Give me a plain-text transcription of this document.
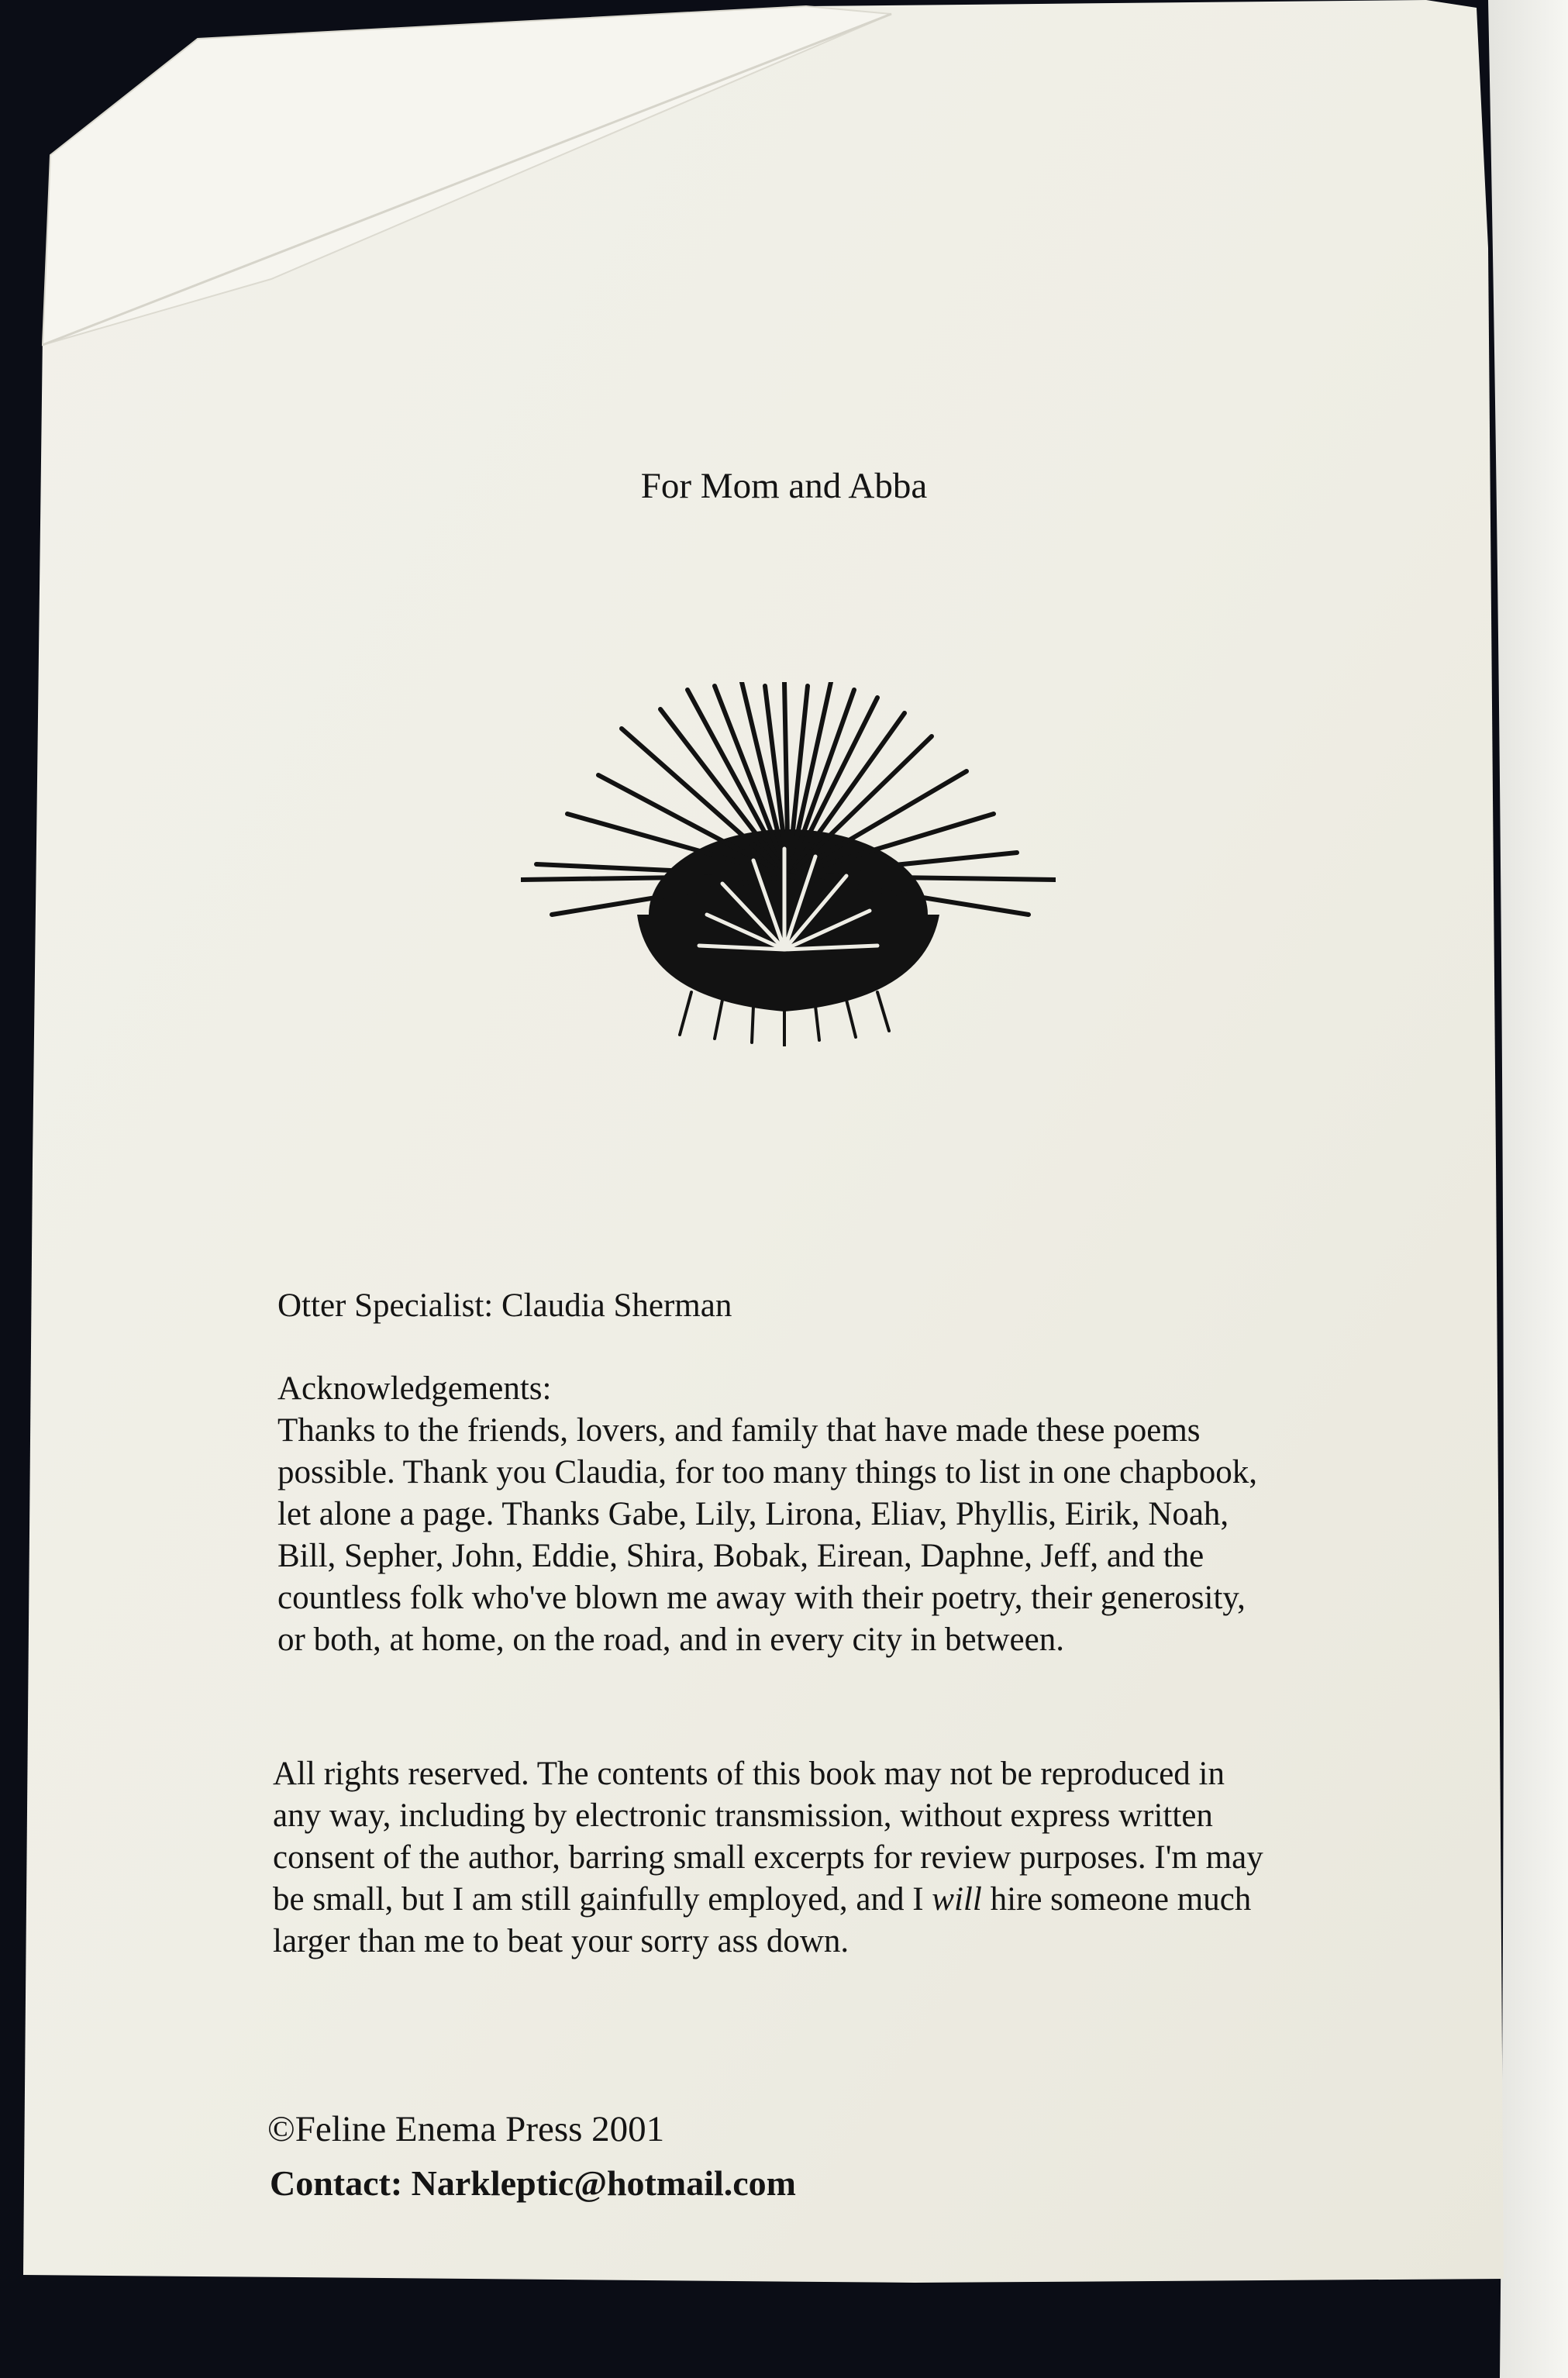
For Mom and Abba

Otter Specialist: Claudia Sherman

Acknowledgements:
Thanks to the friends, lovers, and family that have made these poems possible. Thank you Claudia, for too many things to list in one chapbook, let alone a page. Thanks Gabe, Lily, Lirona, Eliav, Phyllis, Eirik, Noah, Bill, Sepher, John, Eddie, Shira, Bobak, Eirean, Daphne, Jeff, and the countless folk who've blown me away with their poetry, their generosity, or both, at home, on the road, and in every city in between.

All rights reserved. The contents of this book may not be reproduced in any way, including by electronic transmission, without express written consent of the author, barring small excerpts for review purposes. I'm may be small, but I am still gainfully employed, and I will hire someone much larger than me to beat your sorry ass down.

©Feline Enema Press 2001

Contact: Narkleptic@hotmail.com
